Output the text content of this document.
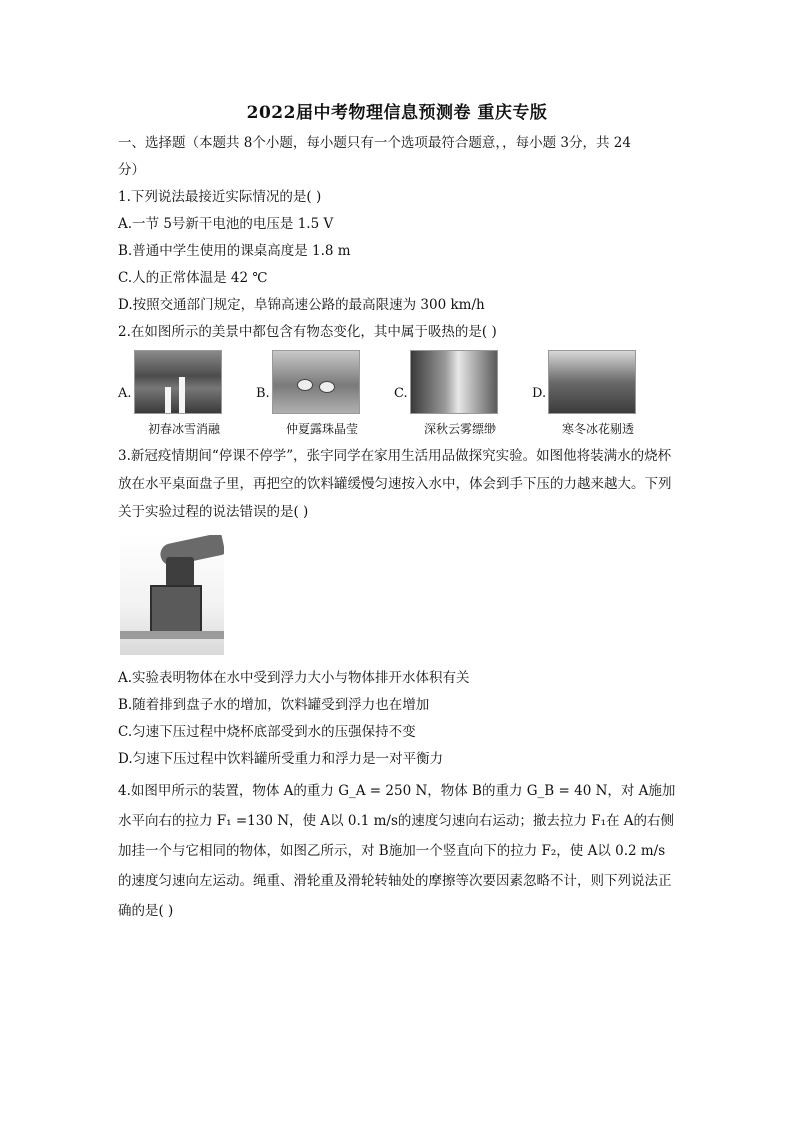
2022届中考物理信息预测卷 重庆专版
一、选择题（本题共 8个小题，每小题只有一个选项最符合题意，，每小题 3分，共 24
分）
1.下列说法最接近实际情况的是( )
A.一节 5号新干电池的电压是 1.5 V
B.普通中学生使用的课桌高度是 1.8 m
C.人的正常体温是 42 ℃
D.按照交通部门规定，阜锦高速公路的最高限速为 300 km/h
2.在如图所示的美景中都包含有物态变化，其中属于吸热的是( )
A.
初春冰雪消融
B.
仲夏露珠晶莹
C.
深秋云雾缥缈
D.
寒冬冰花剔透
3.新冠疫情期间“停课不停学”，张宇同学在家用生活用品做探究实验。如图他将装满水的烧杯放在水平桌面盘子里，再把空的饮料罐缓慢匀速按入水中，体会到手下压的力越来越大。下列关于实验过程的说法错误的是( )
A.实验表明物体在水中受到浮力大小与物体排开水体积有关
B.随着排到盘子水的增加，饮料罐受到浮力也在增加
C.匀速下压过程中烧杯底部受到水的压强保持不变
D.匀速下压过程中饮料罐所受重力和浮力是一对平衡力
4.如图甲所示的装置，物体 A的重力 G_A = 250 N，物体 B的重力 G_B = 40 N，对 A施加水平向右的拉力 F₁ =130 N，使 A以 0.1 m/s的速度匀速向右运动；撤去拉力 F₁在 A的右侧加挂一个与它相同的物体，如图乙所示，对 B施加一个竖直向下的拉力 F₂，使 A以 0.2 m/s的速度匀速向左运动。绳重、滑轮重及滑轮转轴处的摩擦等次要因素忽略不计，则下列说法正确的是( )
